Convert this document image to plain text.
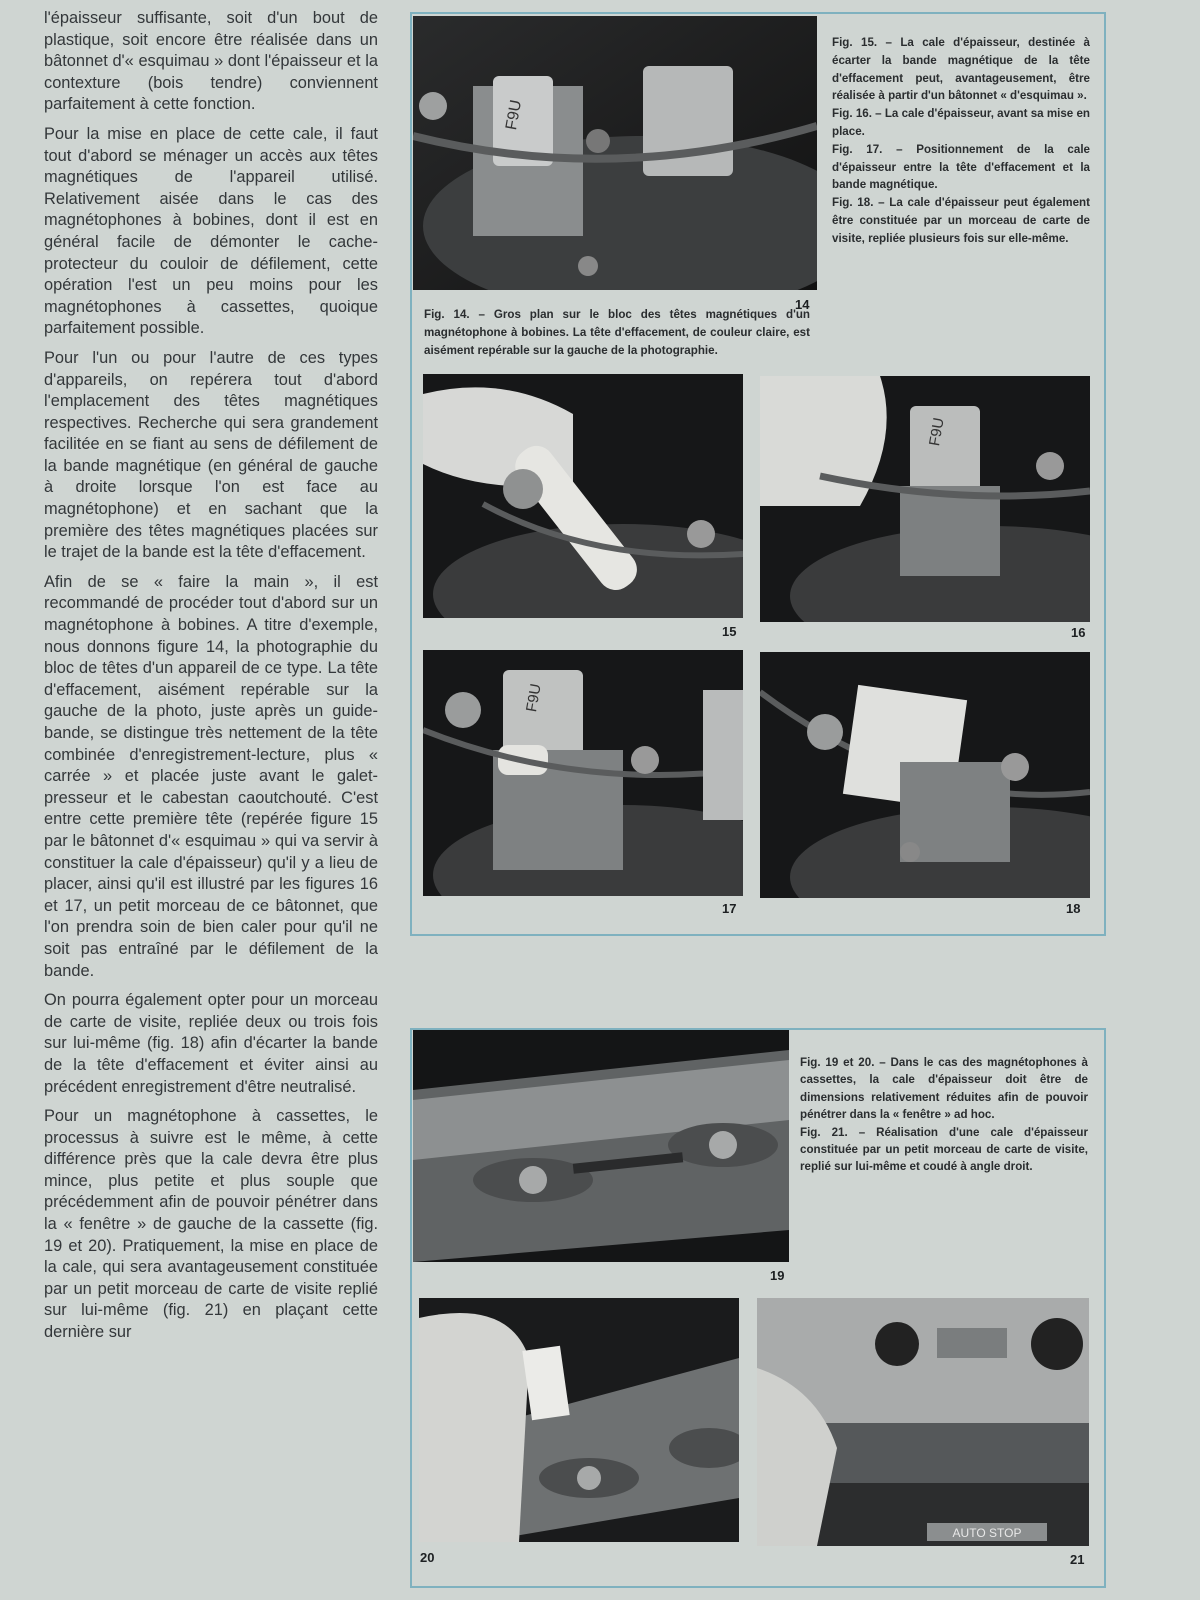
l'épaisseur suffisante, soit d'un bout de plastique, soit encore être réalisée dans un bâtonnet d'« esquimau » dont l'épaisseur et la contexture (bois tendre) conviennent parfaitement à cette fonction.

Pour la mise en place de cette cale, il faut tout d'abord se ménager un accès aux têtes magnétiques de l'appareil utilisé. Relativement aisée dans le cas des magnétophones à bobines, dont il est en général facile de démonter le cache-protecteur du couloir de défilement, cette opération l'est un peu moins pour les magnétophones à cassettes, quoique parfaitement possible.

Pour l'un ou pour l'autre de ces types d'appareils, on repérera tout d'abord l'emplacement des têtes magnétiques respectives. Recherche qui sera grandement facilitée en se fiant au sens de défilement de la bande magnétique (en général de gauche à droite lorsque l'on est face au magnétophone) et en sachant que la première des têtes magnétiques placées sur le trajet de la bande est la tête d'effacement.

Afin de se « faire la main », il est recommandé de procéder tout d'abord sur un magnétophone à bobines. A titre d'exemple, nous donnons figure 14, la photographie du bloc de têtes d'un appareil de ce type. La tête d'effacement, aisément repérable sur la gauche de la photo, juste après un guide-bande, se distingue très nettement de la tête combinée d'enregistrement-lecture, plus « carrée » et placée juste avant le galet-presseur et le cabestan caoutchouté. C'est entre cette première tête (repérée figure 15 par le bâtonnet d'« esquimau » qui va servir à constituer la cale d'épaisseur) qu'il y a lieu de placer, ainsi qu'il est illustré par les figures 16 et 17, un petit morceau de ce bâtonnet, que l'on prendra soin de bien caler pour qu'il ne soit pas entraîné par le défilement de la bande.

On pourra également opter pour un morceau de carte de visite, repliée deux ou trois fois sur lui-même (fig. 18) afin d'écarter la bande de la tête d'effacement et éviter ainsi au précédent enregistrement d'être neutralisé.

Pour un magnétophone à cassettes, le processus à suivre est le même, à cette différence près que la cale devra être plus mince, plus petite et plus souple que précédemment afin de pouvoir pénétrer dans la « fenêtre » de gauche de la cassette (fig. 19 et 20). Pratiquement, la mise en place de la cale, qui sera avantageusement constituée par un petit morceau de carte de visite replié sur lui-même (fig. 21) en plaçant cette dernière sur

F9U
14
Fig. 15. – La cale d'épaisseur, destinée à écarter la bande magnétique de la tête d'effacement peut, avantageusement, être réalisée à partir d'un bâtonnet « d'esquimau ».
Fig. 16. – La cale d'épaisseur, avant sa mise en place.
Fig. 17. – Positionnement de la cale d'épaisseur entre la tête d'effacement et la bande magnétique.
Fig. 18. – La cale d'épaisseur peut également être constituée par un morceau de carte de visite, repliée plusieurs fois sur elle-même.
Fig. 14. – Gros plan sur le bloc des têtes magnétiques d'un magnétophone à bobines. La tête d'effacement, de couleur claire, est aisément repérable sur la gauche de la photographie.
15
F9U
16
F9U
17	18
19
Fig. 19 et 20. – Dans le cas des magnétophones à cassettes, la cale d'épaisseur doit être de dimensions relativement réduites afin de pouvoir pénétrer dans la « fenêtre » ad hoc.
Fig. 21. – Réalisation d'une cale d'épaisseur constituée par un petit morceau de carte de visite, replié sur lui-même et coudé à angle droit.
20
AUTO STOP
21
